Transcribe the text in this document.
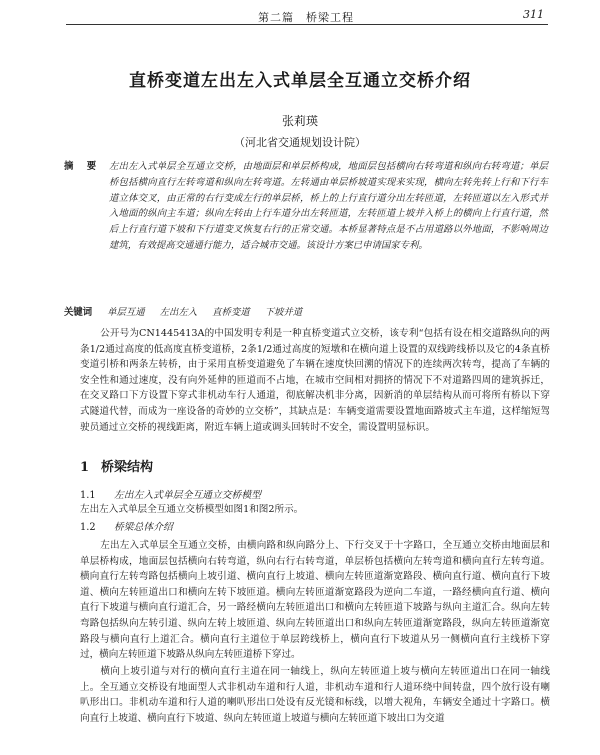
第二篇　桥梁工程	311
直桥变道左出左入式单层全互通立交桥介绍
张莉瑛
（河北省交通规划设计院）
摘　要 左出左入式单层全互通立交桥，由地面层和单层桥构成，地面层包括横向右转弯道和纵向右转弯道；单层桥包括横向直行左转弯道和纵向左转弯道。左转通由单层桥坡道实现来实现，横向左转先转上行和下行车道立体交叉，由正常的右行变成左行的单层桥，桥上的上行直行道分出左转匝道，左转匝道以左入形式并入地面的纵向主车道；纵向左转由上行车道分出左转匝道，左转匝道上坡并入桥上的横向上行直行道，然后上行直行道下坡和下行道变叉恢复右行的正常交通。本桥显著特点是不占用道路以外地面，不影响周边建筑，有效提高交通通行能力，适合城市交通。该设计方案已申请国家专利。
关键词 单层互通 左出左入 直桥变道 下坡并道
公开号为CN1445413A的中国发明专利是一种直桥变道式立交桥，该专利“包括有设在相交道路纵向的两条1/2通过高度的低高度直桥变道桥，2条1/2通过高度的短墩和在横向道上设置的双线跨线桥以及它的4条直桥变道引桥和两条左转桥，由于采用直桥变道避免了车辆在速度快回溯的情况下的连续两次转弯，提高了车辆的安全性和通过速度，没有向外延伸的匝道而不占地，在城市空间相对拥挤的情况下不对道路四周的建筑拆迁，在交叉路口下方设置下穿式非机动车行人通道，彻底解决机非分离，因新消的单层结构从而可将所有桥以下穿式隧道代替，而成为一座设备的奇妙的立交桥”，其缺点是：车辆变道需要设置地面路坡式主车道，这样缩短驾驶员通过立交桥的视线距离，附近车辆上道或调头回转时不安全，需设置明显标识。
1 桥梁结构
1.1 左出左入式单层全互通立交桥模型
左出左入式单层全互通立交桥模型如图1和图2所示。
1.2 桥梁总体介绍
左出左入式单层全互通立交桥，由横向路和纵向路分上、下行交叉于十字路口，全互通立交桥由地面层和单层桥构成，地面层包括横向右转弯道，纵向右行右转弯道，单层桥包括横向左转弯道和横向直行左转弯道。横向直行左转弯路包括横向上坡引道、横向直行上坡道、横向左转匝道渐宽路段、横向直行道、横向直行下坡道、横向左转匝道出口和横向左转下坡匝道。横向左转匝道渐宽路段为逆向二车道，一路经横向直行道、横向直行下坡道与横向直行道汇合，另一路经横向左转匝道出口和横向左转匝道下坡路与纵向主道汇合。纵向左转弯路包括纵向左转引道、纵向左转上坡匝道、纵向左转匝道出口和纵向左转匝道渐宽路段，纵向左转匝道渐宽路段与横向直行上道汇合。横向直行主道位于单层跨线桥上，横向直行下坡道从另一侧横向直行主线桥下穿过，横向左转匝道下坡路从纵向左转匝道桥下穿过。
横向上坡引道与对行的横向直行主道在同一轴线上，纵向左转匝道上坡与横向左转匝道出口在同一轴线上。全互通立交桥设有地面型人式非机动车道和行人道，非机动车道和行人道环绕中间转盘，四个放行设有喇叭形出口。非机动车道和行人道的喇叭形出口处设有反光镜和标线，以增大视角，车辆安全通过十字路口。横向直行上坡道、横向直行下坡道、纵向左转匝道上坡道与横向左转匝道下坡出口为交道
